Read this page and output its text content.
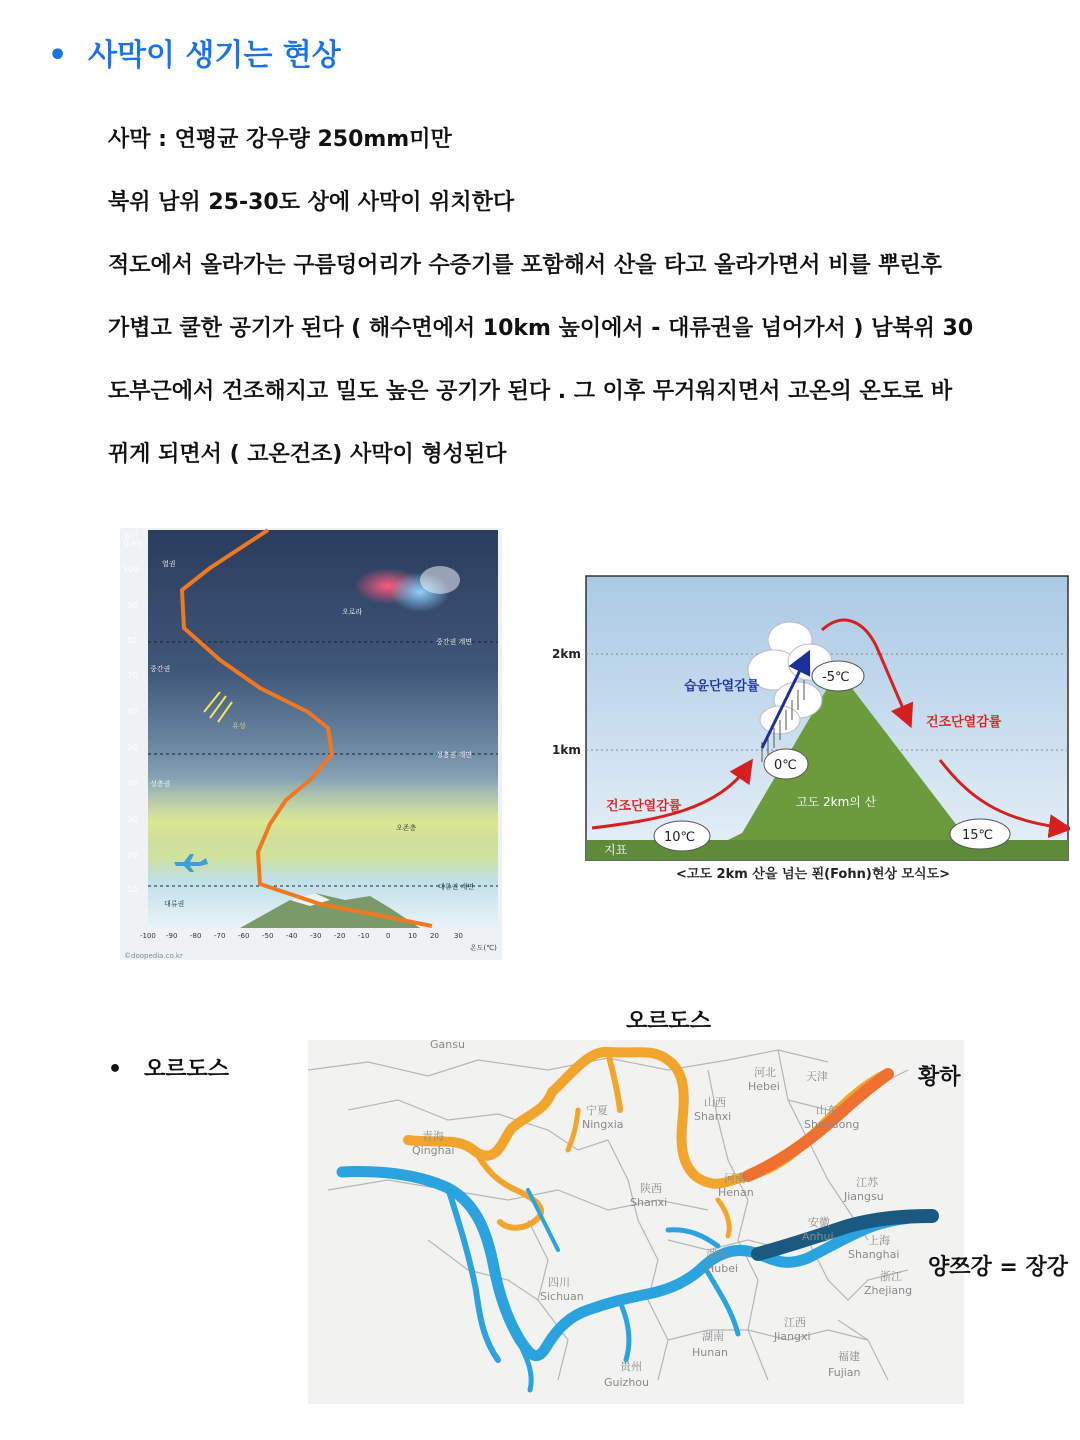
• 사막이 생기는 현상
사막 : 연평균 강우량 250mm미만
북위 남위 25-30도 상에 사막이 위치한다
적도에서 올라가는 구름덩어리가 수증기를 포함해서 산을 타고 올라가면서 비를 뿌린후
가볍고 쿨한 공기가 된다 ( 해수면에서 10km 높이에서 - 대류권을 넘어가서 ) 남북위 30
도부근에서 건조해지고 밀도 높은 공기가 된다 . 그 이후 무거워지면서 고온의 온도로 바
뀌게 되면서 ( 고온건조) 사막이 형성된다
높이
(km)
100
90
80
70
60
50
40
30
20
10
중간권 계면
성층권 계면
대류권 계면
열권
중간권
성층권
대류권
오로라
유성
오존층
-100 -90 -80 -70 -60 -50 -40 -30 -20 -10 0	10 20 30
온도(℃)
©doopedia.co.kr
2km
1km
지표
고도 2km의 산
습윤단열감률
건조단열감률
건조단열감률
-5℃
0℃
10℃	15℃
<고도 2km 산을 넘는 푄(Fohn)현상 모식도>
• 오르도스
오르도스
Gansu
青海
Qinghai
宁夏
Ningxia
山西
Shanxi
河北
Hebei
天津
山东
Shandong
陕西
Shanxi
河南
Henan
江苏
Jiangsu
安徽
Anhui	上海
Shanghai
湖北
Hubei
浙江
Zhejiang
四川
Sichuan
江西
Jiangxi
湖南
Hunan
贵州
Guizhou
福建
Fujian
황하
양쯔강 = 장강
